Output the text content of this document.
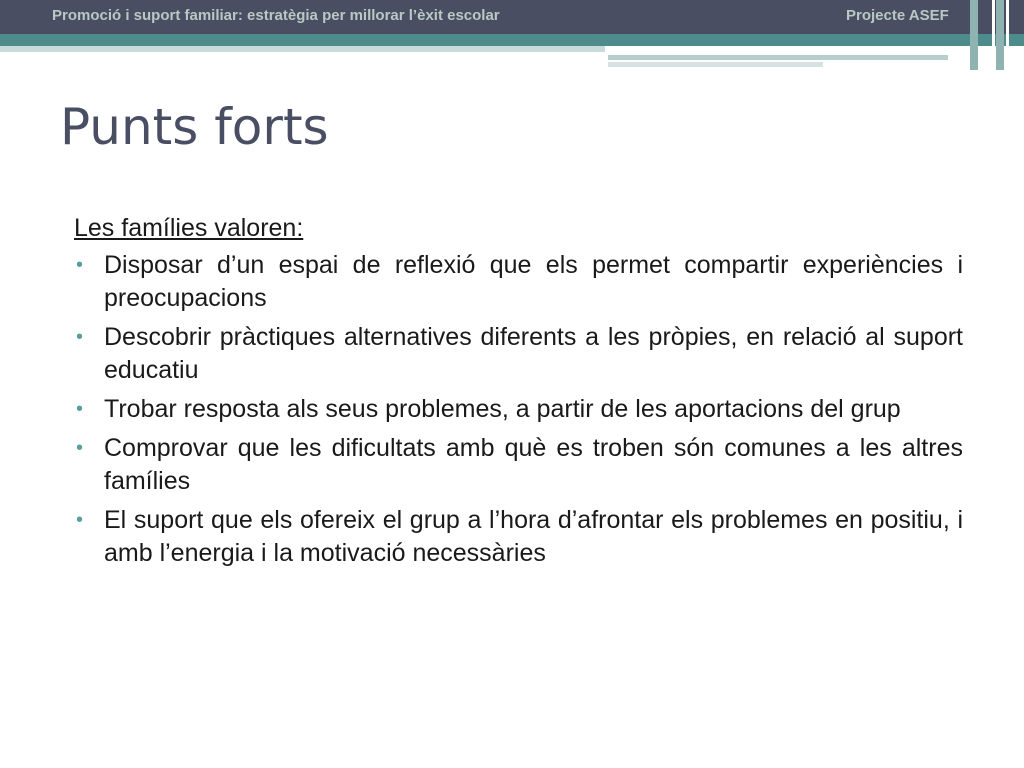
Promoció i suport familiar: estratègia per millorar l’èxit escolar	Projecte ASEF
Punts forts
Les famílies valoren:
• Disposar d’un espai de reflexió que els permet compartir experiències i preocupacions
• Descobrir pràctiques alternatives diferents a les pròpies, en relació al suport educatiu
• Trobar resposta als seus problemes, a partir de les aportacions del grup
• Comprovar que les dificultats amb què es troben són comunes a les altres famílies
• El suport que els ofereix el grup a l’hora d’afrontar els problemes en positiu, i amb l’energia i la motivació necessàries
